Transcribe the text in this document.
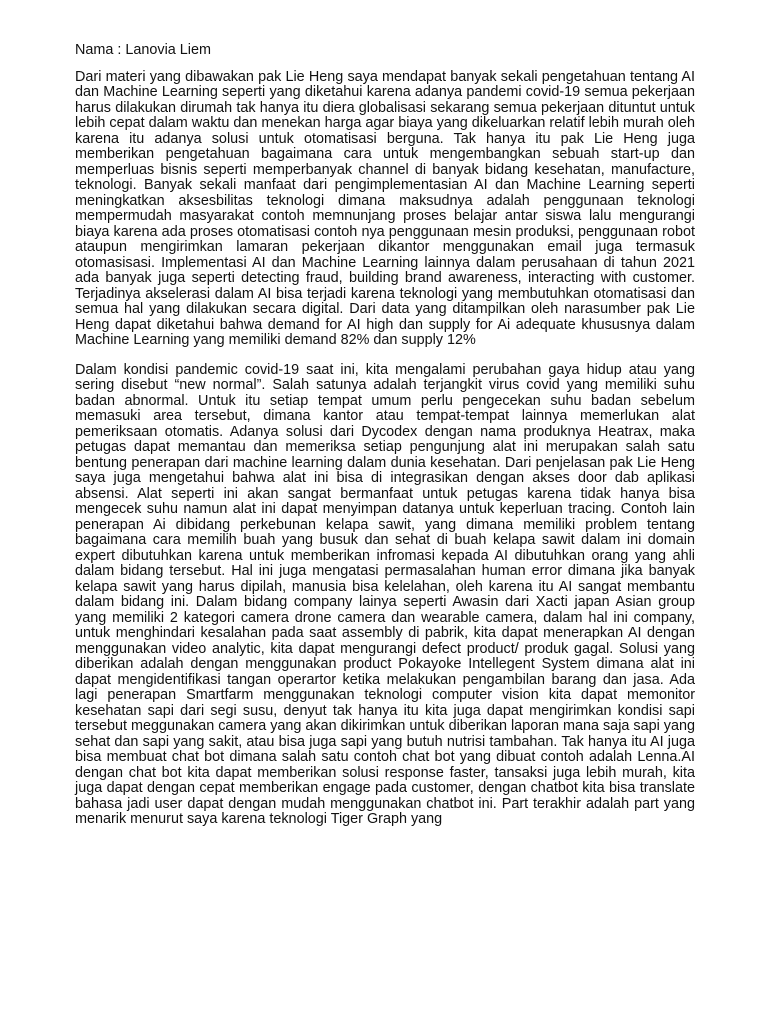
Nama : Lanovia Liem

Dari materi yang dibawakan pak Lie Heng saya mendapat banyak sekali pengetahuan tentang AI dan Machine Learning seperti yang diketahui karena adanya pandemi covid-19 semua pekerjaan harus dilakukan dirumah tak hanya itu diera globalisasi sekarang semua pekerjaan dituntut untuk lebih cepat dalam waktu dan menekan harga agar biaya yang dikeluarkan relatif lebih murah oleh karena itu adanya solusi untuk otomatisasi berguna. Tak hanya itu pak Lie Heng juga memberikan pengetahuan bagaimana cara untuk mengembangkan sebuah start-up dan memperluas bisnis seperti memperbanyak channel di banyak bidang kesehatan, manufacture, teknologi. Banyak sekali manfaat dari pengimplementasian AI dan Machine Learning seperti meningkatkan aksesbilitas teknologi dimana maksudnya adalah penggunaan teknologi mempermudah masyarakat contoh memnunjang proses belajar antar siswa lalu mengurangi biaya karena ada proses otomatisasi contoh nya penggunaan mesin produksi, penggunaan robot ataupun mengirimkan lamaran pekerjaan dikantor menggunakan email juga termasuk otomasisasi. Implementasi AI dan Machine Learning lainnya dalam perusahaan di tahun 2021 ada banyak juga seperti detecting fraud, building brand awareness, interacting with customer. Terjadinya akselerasi dalam AI bisa terjadi karena teknologi yang membutuhkan otomatisasi dan semua hal yang dilakukan secara digital. Dari data yang ditampilkan oleh narasumber pak Lie Heng dapat diketahui bahwa demand for AI high dan supply for Ai adequate khususnya dalam Machine Learning yang memiliki demand 82% dan supply 12%

Dalam kondisi pandemic covid-19 saat ini, kita mengalami perubahan gaya hidup atau yang sering disebut “new normal”. Salah satunya adalah terjangkit virus covid yang memiliki suhu badan abnormal. Untuk itu setiap tempat umum perlu pengecekan suhu badan sebelum memasuki area tersebut, dimana kantor atau tempat-tempat lainnya memerlukan alat pemeriksaan otomatis. Adanya solusi dari Dycodex dengan nama produknya Heatrax, maka petugas dapat memantau dan memeriksa setiap pengunjung alat ini merupakan salah satu bentung penerapan dari machine learning dalam dunia kesehatan. Dari penjelasan pak Lie Heng saya juga mengetahui bahwa alat ini bisa di integrasikan dengan akses door dab aplikasi absensi. Alat seperti ini akan sangat bermanfaat untuk petugas karena tidak hanya bisa mengecek suhu namun alat ini dapat menyimpan datanya untuk keperluan tracing. Contoh lain penerapan Ai dibidang perkebunan kelapa sawit, yang dimana memiliki problem tentang bagaimana cara memilih buah yang busuk dan sehat di buah kelapa sawit dalam ini domain expert dibutuhkan karena untuk memberikan infromasi kepada AI dibutuhkan orang yang ahli dalam bidang tersebut. Hal ini juga mengatasi permasalahan human error dimana jika banyak kelapa sawit yang harus dipilah, manusia bisa kelelahan, oleh karena itu AI sangat membantu dalam bidang ini. Dalam bidang company lainya seperti Awasin dari Xacti japan Asian group yang memiliki 2 kategori camera drone camera dan wearable camera, dalam hal ini company, untuk menghindari kesalahan pada saat assembly di pabrik, kita dapat menerapkan AI dengan menggunakan video analytic, kita dapat mengurangi defect product/ produk gagal. Solusi yang diberikan adalah dengan menggunakan product Pokayoke Intellegent System dimana alat ini dapat mengidentifikasi tangan operartor ketika melakukan pengambilan barang dan jasa. Ada lagi penerapan Smartfarm menggunakan teknologi computer vision kita dapat memonitor kesehatan sapi dari segi susu, denyut tak hanya itu kita juga dapat mengirimkan kondisi sapi tersebut meggunakan camera yang akan dikirimkan untuk diberikan laporan mana saja sapi yang sehat dan sapi yang sakit, atau bisa juga sapi yang butuh nutrisi tambahan. Tak hanya itu AI juga bisa membuat chat bot dimana salah satu contoh chat bot yang dibuat contoh adalah Lenna.AI dengan chat bot kita dapat memberikan solusi response faster, tansaksi juga lebih murah, kita juga dapat dengan cepat memberikan engage pada customer, dengan chatbot kita bisa translate bahasa jadi user dapat dengan mudah menggunakan chatbot ini. Part terakhir adalah part yang menarik menurut saya karena teknologi Tiger Graph yang
